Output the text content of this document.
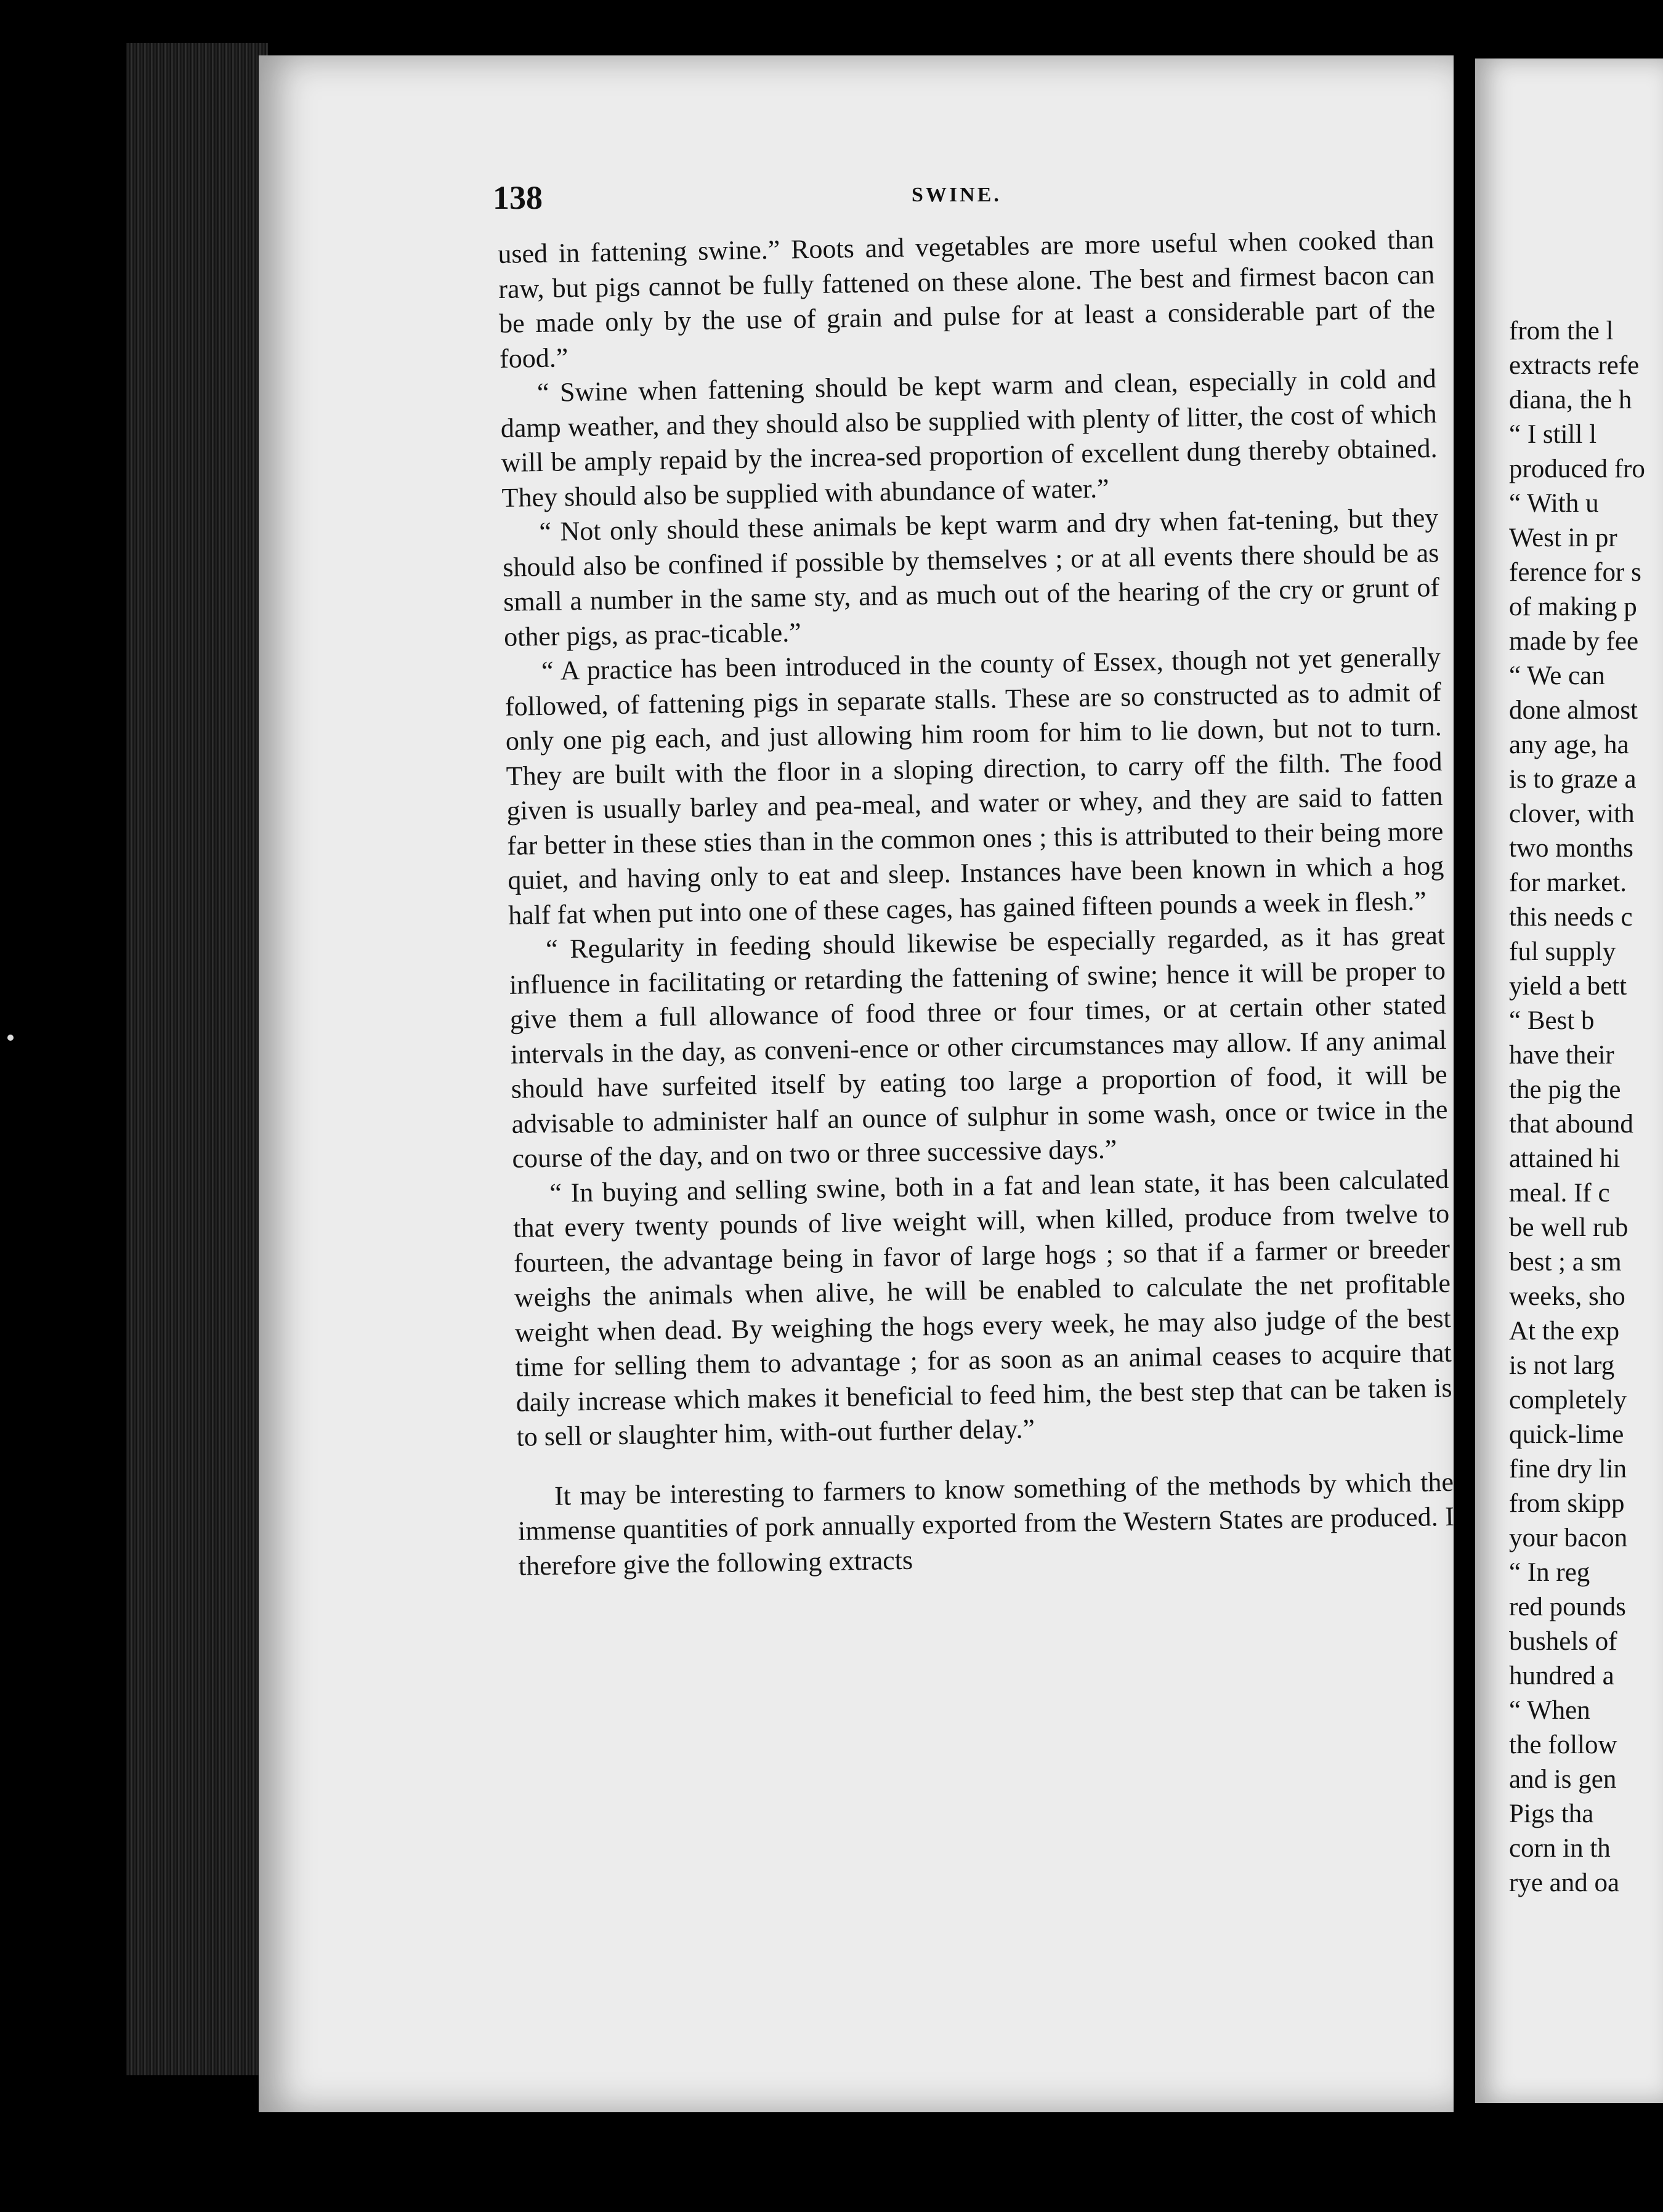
138	SWINE.

used in fattening swine.” Roots and vegetables are more useful when cooked than raw, but pigs cannot be fully fattened on these alone. The best and firmest bacon can be made only by the use of grain and pulse for at least a considerable part of the food.”

“ Swine when fattening should be kept warm and clean, especially in cold and damp weather, and they should also be supplied with plenty of litter, the cost of which will be amply repaid by the increa-sed proportion of excellent dung thereby obtained. They should also be supplied with abundance of water.”

“ Not only should these animals be kept warm and dry when fat-tening, but they should also be confined if possible by themselves ; or at all events there should be as small a number in the same sty, and as much out of the hearing of the cry or grunt of other pigs, as prac-ticable.”

“ A practice has been introduced in the county of Essex, though not yet generally followed, of fattening pigs in separate stalls. These are so constructed as to admit of only one pig each, and just allowing him room for him to lie down, but not to turn. They are built with the floor in a sloping direction, to carry off the filth. The food given is usually barley and pea-meal, and water or whey, and they are said to fatten far better in these sties than in the common ones ; this is attributed to their being more quiet, and having only to eat and sleep. Instances have been known in which a hog half fat when put into one of these cages, has gained fifteen pounds a week in flesh.”

“ Regularity in feeding should likewise be especially regarded, as it has great influence in facilitating or retarding the fattening of swine; hence it will be proper to give them a full allowance of food three or four times, or at certain other stated intervals in the day, as conveni-ence or other circumstances may allow. If any animal should have surfeited itself by eating too large a proportion of food, it will be advisable to administer half an ounce of sulphur in some wash, once or twice in the course of the day, and on two or three successive days.”

“ In buying and selling swine, both in a fat and lean state, it has been calculated that every twenty pounds of live weight will, when killed, produce from twelve to fourteen, the advantage being in favor of large hogs ; so that if a farmer or breeder weighs the animals when alive, he will be enabled to calculate the net profitable weight when dead. By weighing the hogs every week, he may also judge of the best time for selling them to advantage ; for as soon as an animal ceases to acquire that daily increase which makes it beneficial to feed him, the best step that can be taken is to sell or slaughter him, with-out further delay.”

It may be interesting to farmers to know something of the methods by which the immense quantities of pork annually exported from the Western States are produced. I therefore give the following extracts

from the l
extracts refe
diana, the h
“ I still l
produced fro
“ With u
West in pr
ference for s
of making p
made by fee
“ We can
done almost
any age, ha
is to graze a
clover, with
two months
for market.
this needs c
ful supply
yield a bett
“ Best b
have their
the pig the
that abound
attained hi
meal. If c
be well rub
best ; a sm
weeks, sho
At the exp
is not larg
completely
quick-lime
fine dry lin
from skipp
your bacon
“ In reg
red pounds
bushels of
hundred a
“ When
the follow
and is gen
Pigs tha
corn in th
rye and oa
